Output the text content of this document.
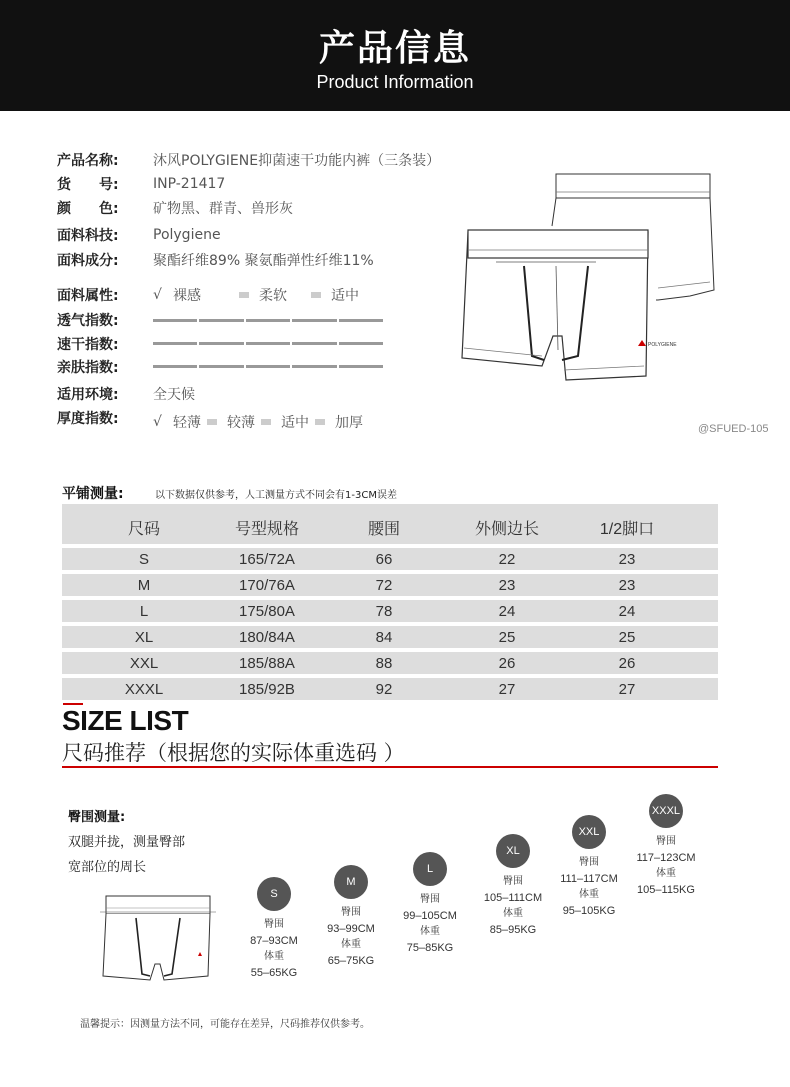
产品信息
Product Information
产品名称:	沐风POLYGIENE抑菌速干功能内裤（三条装）
货　　号:	INP-21417
颜　　色:	矿物黑、群青、兽形灰
面料科技:	Polygiene
面料成分:	聚酯纤维89% 聚氨酯弹性纤维11%
面料属性:	√ 裸感	柔软	适中
透气指数:
速干指数:
亲肤指数:
适用环境:	全天候
厚度指数:	√ 轻薄 较薄 适中 加厚
POLYGIENE
@SFUED-105
平铺测量:	以下数据仅供参考，人工测量方式不同会有1-3CM误差
尺码	号型规格	腰围	外侧边长	1/2脚口
S	165/72A	66	22	23
M	170/76A	72	23	23
L	175/80A	78	24	24
XL	180/84A	84	25	25
XXL	185/88A	88	26	26
XXXL	185/92B	92	27	27
SIZE LIST
尺码推荐（根据您的实际体重选码 ）
臀围测量:
双腿并拢，测量臀部
宽部位的周长
S
臀围
87–93CM
体重
55–65KG
M
臀围
93–99CM
体重
65–75KG
L
臀围
99–105CM
体重
75–85KG
XL
臀围
105–111CM
体重
85–95KG
XXL
臀围
111–117CM
体重
95–105KG
XXXL
臀围
117–123CM
体重
105–115KG
温馨提示：因测量方法不同，可能存在差异，尺码推荐仅供参考。
